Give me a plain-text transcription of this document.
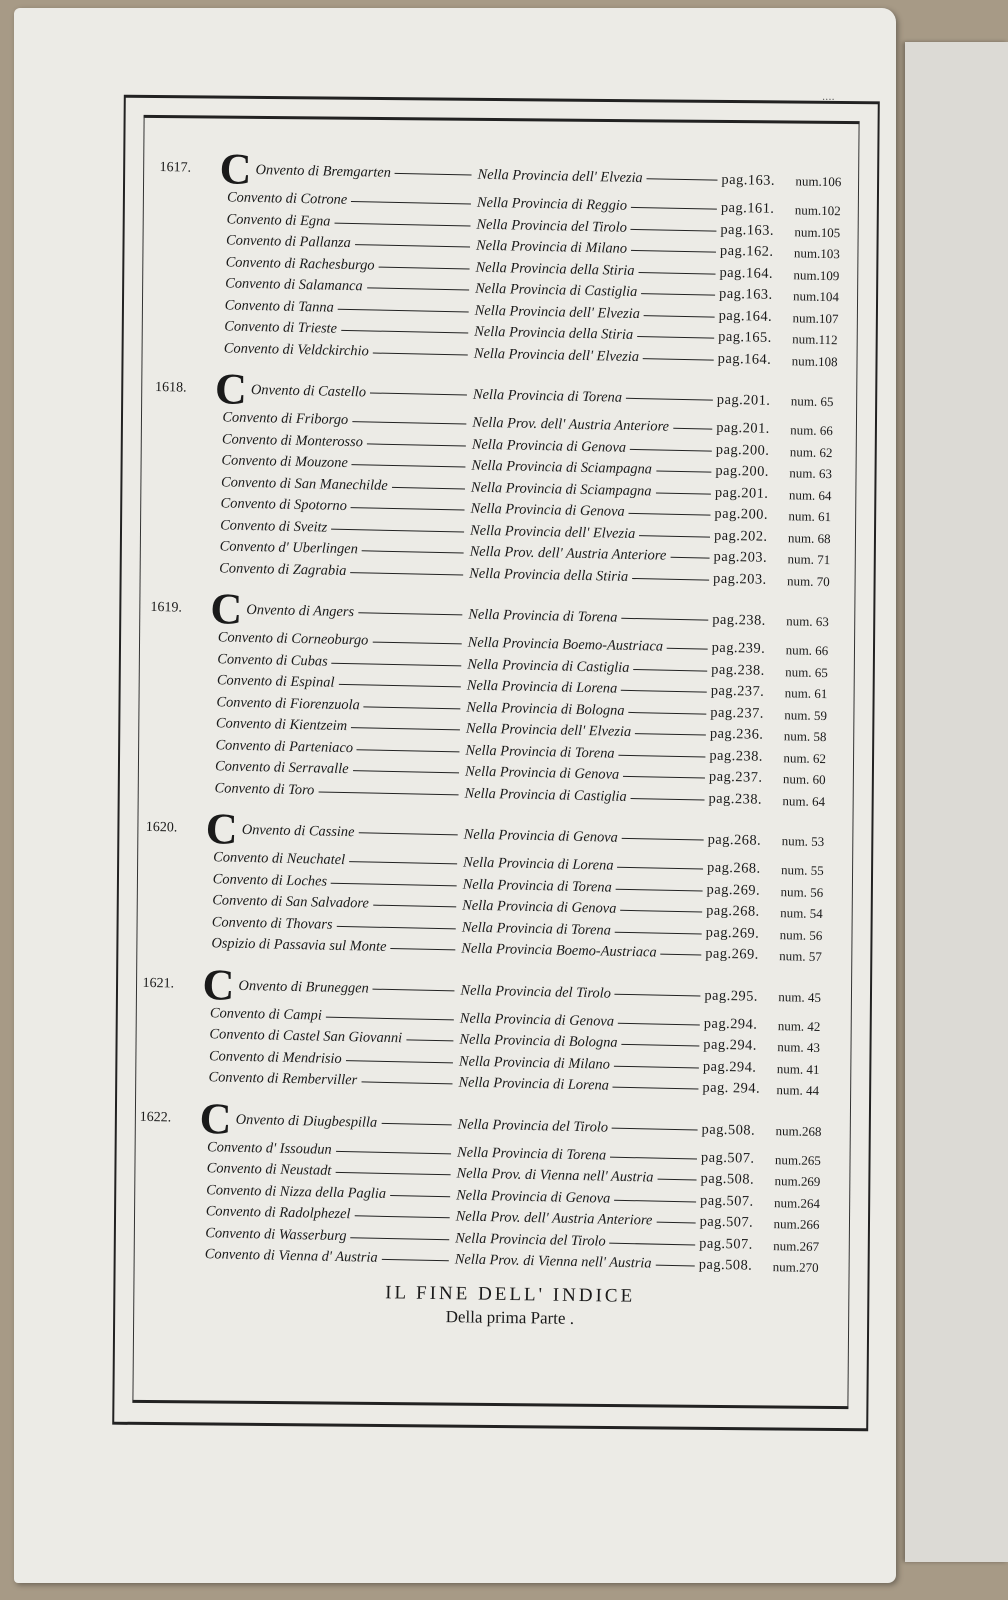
....
1617. C Onvento di Bremgarten	Nella Provincia dell' Elvezia	pag.163. num.106
Convento di Cotrone	Nella Provincia di Reggio	pag.161. num.102
Convento di Egna	Nella Provincia del Tirolo	pag.163. num.105
Convento di Pallanza	Nella Provincia di Milano	pag.162. num.103
Convento di Rachesburgo	Nella Provincia della Stiria	pag.164. num.109
Convento di Salamanca	Nella Provincia di Castiglia	pag.163. num.104
Convento di Tanna	Nella Provincia dell' Elvezia	pag.164. num.107
Convento di Trieste	Nella Provincia della Stiria	pag.165. num.112
Convento di Veldckirchio	Nella Provincia dell' Elvezia	pag.164. num.108
1618. C Onvento di Castello	Nella Provincia di Torena	pag.201. num. 65
Convento di Friborgo	Nella Prov. dell' Austria Anteriore	pag.201. num. 66
Convento di Monterosso	Nella Provincia di Genova	pag.200. num. 62
Convento di Mouzone	Nella Provincia di Sciampagna	pag.200. num. 63
Convento di San Manechilde	Nella Provincia di Sciampagna	pag.201. num. 64
Convento di Spotorno	Nella Provincia di Genova	pag.200. num. 61
Convento di Sveitz	Nella Provincia dell' Elvezia	pag.202. num. 68
Convento d' Uberlingen	Nella Prov. dell' Austria Anteriore	pag.203. num. 71
Convento di Zagrabia	Nella Provincia della Stiria	pag.203. num. 70
1619. C Onvento di Angers	Nella Provincia di Torena	pag.238. num. 63
Convento di Corneoburgo	Nella Provincia Boemo-Austriaca	pag.239. num. 66
Convento di Cubas	Nella Provincia di Castiglia	pag.238. num. 65
Convento di Espinal	Nella Provincia di Lorena	pag.237. num. 61
Convento di Fiorenzuola	Nella Provincia di Bologna	pag.237. num. 59
Convento di Kientzeim	Nella Provincia dell' Elvezia	pag.236. num. 58
Convento di Parteniaco	Nella Provincia di Torena	pag.238. num. 62
Convento di Serravalle	Nella Provincia di Genova	pag.237. num. 60
Convento di Toro	Nella Provincia di Castiglia	pag.238. num. 64
1620. C Onvento di Cassine	Nella Provincia di Genova	pag.268. num. 53
Convento di Neuchatel	Nella Provincia di Lorena	pag.268. num. 55
Convento di Loches	Nella Provincia di Torena	pag.269. num. 56
Convento di San Salvadore	Nella Provincia di Genova	pag.268. num. 54
Convento di Thovars	Nella Provincia di Torena	pag.269. num. 56
Ospizio di Passavia sul Monte	Nella Provincia Boemo-Austriaca	pag.269. num. 57
1621. C Onvento di Bruneggen	Nella Provincia del Tirolo	pag.295. num. 45
Convento di Campi	Nella Provincia di Genova	pag.294. num. 42
Convento di Castel San Giovanni	Nella Provincia di Bologna	pag.294. num. 43
Convento di Mendrisio	Nella Provincia di Milano	pag.294. num. 41
Convento di Remberviller	Nella Provincia di Lorena	pag. 294. num. 44
1622. C Onvento di Diugbespilla	Nella Provincia del Tirolo	pag.508. num.268
Convento d' Issoudun	Nella Provincia di Torena	pag.507. num.265
Convento di Neustadt	Nella Prov. di Vienna nell' Austria	pag.508. num.269
Convento di Nizza della Paglia	Nella Provincia di Genova	pag.507. num.264
Convento di Radolphezel	Nella Prov. dell' Austria Anteriore	pag.507. num.266
Convento di Wasserburg	Nella Provincia del Tirolo	pag.507. num.267
Convento di Vienna d' Austria	Nella Prov. di Vienna nell' Austria	pag.508. num.270
IL FINE DELL' INDICE
Della prima Parte .
